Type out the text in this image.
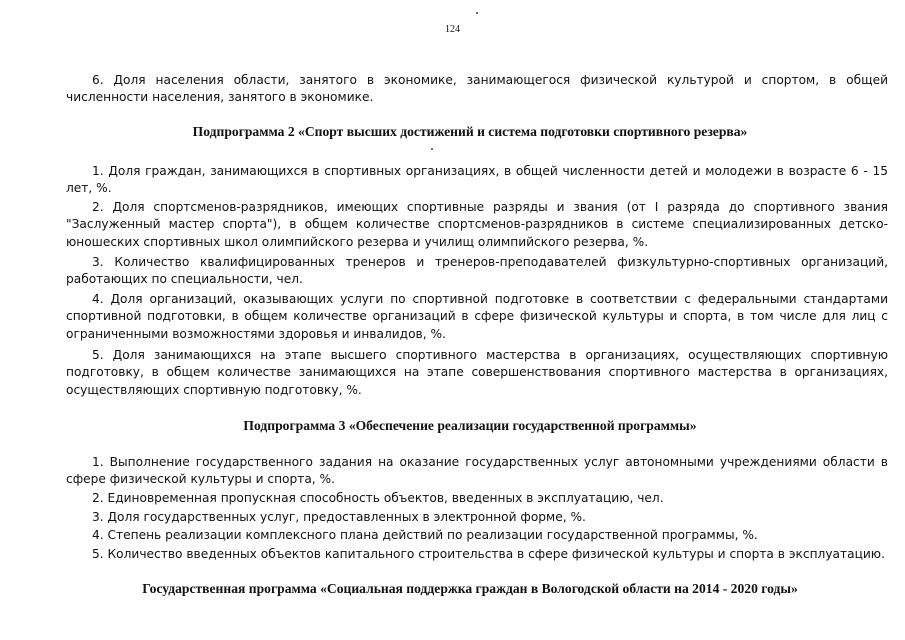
124

6. Доля населения области, занятого в экономике, занимающегося физической культурой и спортом, в общей численности населения, занятого в экономике.

Подпрограмма 2 «Спорт высших достижений и система подготовки спортивного резерва»

1. Доля граждан, занимающихся в спортивных организациях, в общей численности детей и молодежи в возрасте 6 - 15 лет, %.

2. Доля спортсменов-разрядников, имеющих спортивные разряды и звания (от I разряда до спортивного звания "Заслуженный мастер спорта"), в общем количестве спортсменов-разрядников в системе специализированных детско-юношеских спортивных школ олимпийского резерва и училищ олимпийского резерва, %.

3. Количество квалифицированных тренеров и тренеров-преподавателей физкультурно-спортивных организаций, работающих по специальности, чел.

4. Доля организаций, оказывающих услуги по спортивной подготовке в соответствии с федеральными стандартами спортивной подготовки, в общем количестве организаций в сфере физической культуры и спорта, в том числе для лиц с ограниченными возможностями здоровья и инвалидов, %.

5. Доля занимающихся на этапе высшего спортивного мастерства в организациях, осуществляющих спортивную подготовку, в общем количестве занимающихся на этапе совершенствования спортивного мастерства в организациях, осуществляющих спортивную подготовку, %.

Подпрограмма 3 «Обеспечение реализации государственной программы»

1. Выполнение государственного задания на оказание государственных услуг автономными учреждениями области в сфере физической культуры и спорта, %.

2. Единовременная пропускная способность объектов, введенных в эксплуатацию, чел.

3. Доля государственных услуг, предоставленных в электронной форме, %.

4. Степень реализации комплексного плана действий по реализации государственной программы, %.

5. Количество введенных объектов капитального строительства в сфере физической культуры и спорта в эксплуатацию.

Государственная программа «Социальная поддержка граждан в Вологодской области на 2014 - 2020 годы»
